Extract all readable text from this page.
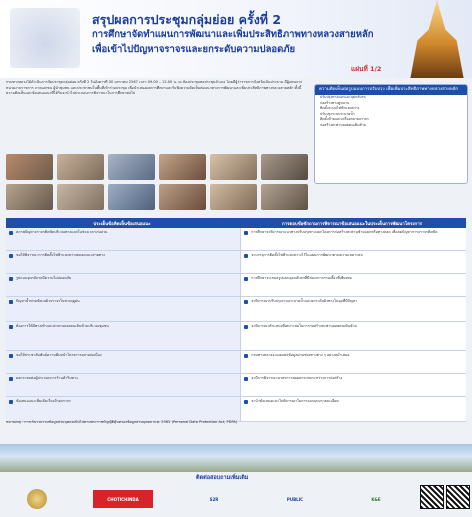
สรุปผลการประชุมกลุ่มย่อย ครั้งที่ 2
การศึกษาจัดทำแผนการพัฒนาและเพิ่มประสิทธิภาพทางหลวงสายหลัก
เพื่อเข้าไปปัญหาจราจรและยกระดับความปลอดภัย
แผ่นที่ 1/2
กรมทางหลวงได้ดำเนินการจัดประชุมกลุ่มย่อย ครั้งที่ 2 วันอังคารที่ 30 มกราคม 2567 เวลา 09.00 – 12.00 น. ณ ห้องประชุมหอประชุมอำเภอ โดยมีผู้ว่าราชการจังหวัดเป็นประธาน มีผู้แทนจากหน่วยงานราชการ ภาคเอกชน ผู้นำชุมชน และประชาชนในพื้นที่เข้าร่วมประชุม เพื่อนำเสนอผลการศึกษาและรับฟังความคิดเห็นต่อแนวทางการพัฒนาและเพิ่มประสิทธิภาพทางหลวงสายหลัก ทั้งนี้ความคิดเห็นและข้อเสนอแนะที่ได้รับจะนำไปประกอบการพิจารณาในการศึกษาต่อไป
ความคิดเห็นต่อรูปแบบการปรับปรุง เพื่อเพิ่มประสิทธิภาพทางหลวงสายหลัก
ปรับปรุงทางแยกและจุดกลับรถ
ก่อสร้างทางคู่ขนาน
ติดตั้งระบบไฟฟ้าแสงสว่าง
ปรับปรุงระบบระบายน้ำ
ติดตั้งป้ายและเครื่องหมายจราจร
ก่อสร้างสะพานลอยคนเดินข้าม
ประเด็นข้อคิดเห็นข้อเสนอแนะ	การตอบข้อซักถามการพิจารณาข้อเสนอแนะในประเด็นการพัฒนาโครงการ
สภาพปัญหาจราจรติดขัดบริเวณทางแยกในช่วงเวลาเร่งด่วน	การศึกษาจะพิจารณาแนวทางปรับปรุงทางแยกโดยการก่อสร้างสะพานข้ามแยกหรือทางลอด เพื่อลดปัญหาการจราจรติดขัด
ขอให้พิจารณาการติดตั้งไฟฟ้าแสงสว่างตลอดแนวสายทาง	จะบรรจุการติดตั้งไฟฟ้าแสงสว่างไว้ในแผนการพัฒนาตามความเหมาะสม
รูปแบบจุดกลับรถมีความไม่ปลอดภัย	การศึกษาจะเสนอรูปแบบจุดกลับรถที่มีช่องจราจรรอเลี้ยวที่เพียงพอ
ปัญหาน้ำท่วมขังบนผิวจราจรในช่วงฤดูฝน	จะพิจารณาปรับปรุงระบบระบายน้ำและยกระดับผิวทางในจุดที่มีปัญหา
ต้องการให้มีทางเท้าและสะพานลอยคนเดินข้ามบริเวณชุมชน	จะพิจารณาตำแหน่งที่เหมาะสมในการก่อสร้างสะพานลอยคนเดินข้าม
ขอให้ประชาสัมพันธ์ความคืบหน้าโครงการอย่างต่อเนื่อง	กรมทางหลวงจะเผยแพร่ข้อมูลผ่านช่องทางต่าง ๆ อย่างสม่ำเสมอ
ผลกระทบต่อผู้ประกอบการร้านค้าริมทาง	จะมีการพิจารณามาตรการลดผลกระทบระหว่างการก่อสร้าง
ข้อเสนอแนะเพิ่มเติมเรื่องป้ายจราจร	จะนำข้อเสนอแนะไปพิจารณาในการออกแบบรายละเอียด
หมายเหตุ : การเก็บรวบรวมข้อมูลส่วนบุคคลเป็นไปตามพระราชบัญญัติคุ้มครองข้อมูลส่วนบุคคล พ.ศ. 2562 (Personal Data Protection Act, PDPA)
ติดต่อสอบถามเพิ่มเติม
CHOTICHINDA	S2R	PUBLIC	K&E
